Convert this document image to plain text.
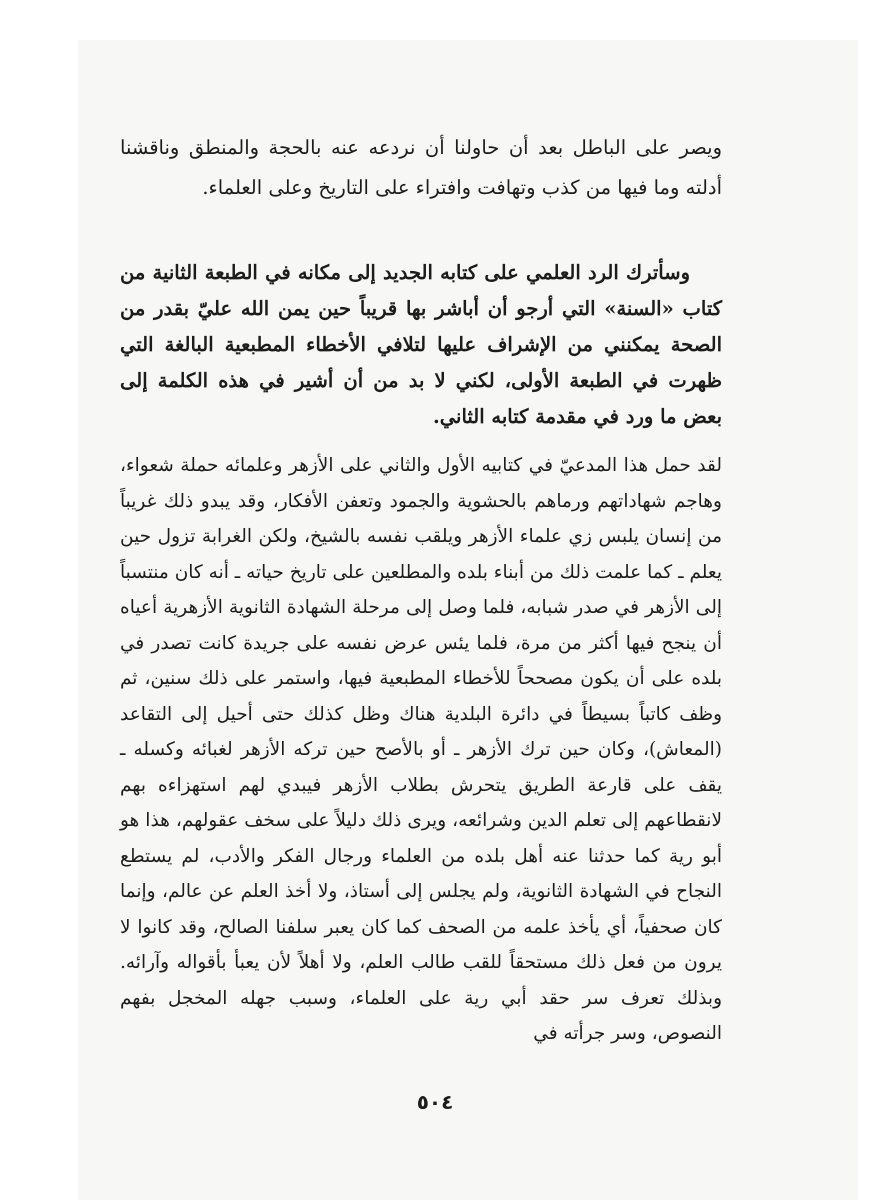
ويصر على الباطل بعد أن حاولنا أن نردعه عنه بالحجة والمنطق وناقشنا أدلته وما فيها من كذب وتهافت وافتراء على التاريخ وعلى العلماء.

وسأترك الرد العلمي على كتابه الجديد إلى مكانه في الطبعة الثانية من كتاب «السنة» التي أرجو أن أباشر بها قريباً حين يمن الله عليّ بقدر من الصحة يمكنني من الإشراف عليها لتلافي الأخطاء المطبعية البالغة التي ظهرت في الطبعة الأولى، لكني لا بد من أن أشير في هذه الكلمة إلى بعض ما ورد في مقدمة كتابه الثاني.

لقد حمل هذا المدعيّ في كتابيه الأول والثاني على الأزهر وعلمائه حملة شعواء، وهاجم شهاداتهم ورماهم بالحشوية والجمود وتعفن الأفكار، وقد يبدو ذلك غريباً من إنسان يلبس زي علماء الأزهر ويلقب نفسه بالشيخ، ولكن الغرابة تزول حين يعلم ـ كما علمت ذلك من أبناء بلده والمطلعين على تاريخ حياته ـ أنه كان منتسباً إلى الأزهر في صدر شبابه، فلما وصل إلى مرحلة الشهادة الثانوية الأزهرية أعياه أن ينجح فيها أكثر من مرة، فلما يئس عرض نفسه على جريدة كانت تصدر في بلده على أن يكون مصححاً للأخطاء المطبعية فيها، واستمر على ذلك سنين، ثم وظف كاتباً بسيطاً في دائرة البلدية هناك وظل كذلك حتى أحيل إلى التقاعد (المعاش)، وكان حين ترك الأزهر ـ أو بالأصح حين تركه الأزهر لغبائه وكسله ـ يقف على قارعة الطريق يتحرش بطلاب الأزهر فيبدي لهم استهزاءه بهم لانقطاعهم إلى تعلم الدين وشرائعه، ويرى ذلك دليلاً على سخف عقولهم، هذا هو أبو رية كما حدثنا عنه أهل بلده من العلماء ورجال الفكر والأدب، لم يستطع النجاح في الشهادة الثانوية، ولم يجلس إلى أستاذ، ولا أخذ العلم عن عالم، وإنما كان صحفياً، أي يأخذ علمه من الصحف كما كان يعبر سلفنا الصالح، وقد كانوا لا يرون من فعل ذلك مستحقاً للقب طالب العلم، ولا أهلاً لأن يعبأ بأقواله وآرائه. وبذلك تعرف سر حقد أبي رية على العلماء، وسبب جهله المخجل بفهم النصوص، وسر جرأته في

٥٠٤
